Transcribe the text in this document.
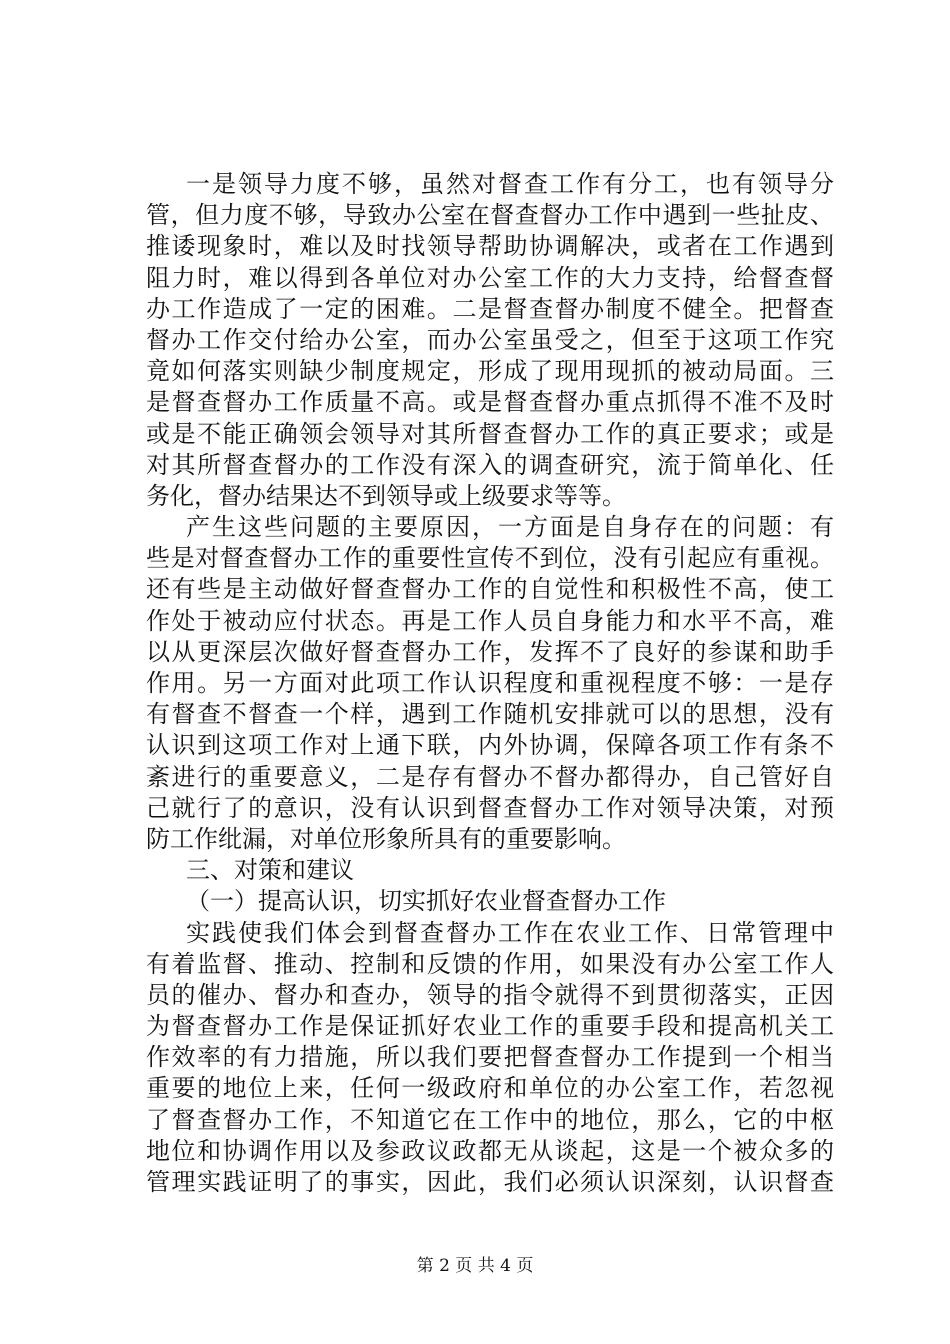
一是领导力度不够，虽然对督查工作有分工，也有领导分
管，但力度不够，导致办公室在督查督办工作中遇到一些扯皮、
推诿现象时，难以及时找领导帮助协调解决，或者在工作遇到
阻力时，难以得到各单位对办公室工作的大力支持，给督查督
办工作造成了一定的困难。二是督查督办制度不健全。把督查
督办工作交付给办公室，而办公室虽受之，但至于这项工作究
竟如何落实则缺少制度规定，形成了现用现抓的被动局面。三
是督查督办工作质量不高。或是督查督办重点抓得不准不及时
或是不能正确领会领导对其所督查督办工作的真正要求；或是
对其所督查督办的工作没有深入的调查研究，流于简单化、任
务化，督办结果达不到领导或上级要求等等。
产生这些问题的主要原因，一方面是自身存在的问题：有
些是对督查督办工作的重要性宣传不到位，没有引起应有重视。
还有些是主动做好督查督办工作的自觉性和积极性不高，使工
作处于被动应付状态。再是工作人员自身能力和水平不高，难
以从更深层次做好督查督办工作，发挥不了良好的参谋和助手
作用。另一方面对此项工作认识程度和重视程度不够：一是存
有督查不督查一个样，遇到工作随机安排就可以的思想，没有
认识到这项工作对上通下联，内外协调，保障各项工作有条不
紊进行的重要意义，二是存有督办不督办都得办，自己管好自
己就行了的意识，没有认识到督查督办工作对领导决策，对预
防工作纰漏，对单位形象所具有的重要影响。
三、对策和建议
（一）提高认识，切实抓好农业督查督办工作
实践使我们体会到督查督办工作在农业工作、日常管理中
有着监督、推动、控制和反馈的作用，如果没有办公室工作人
员的催办、督办和查办，领导的指令就得不到贯彻落实，正因
为督查督办工作是保证抓好农业工作的重要手段和提高机关工
作效率的有力措施，所以我们要把督查督办工作提到一个相当
重要的地位上来，任何一级政府和单位的办公室工作，若忽视
了督查督办工作，不知道它在工作中的地位，那么，它的中枢
地位和协调作用以及参政议政都无从谈起，这是一个被众多的
管理实践证明了的事实，因此，我们必须认识深刻，认识督查
第 2 页 共 4 页
